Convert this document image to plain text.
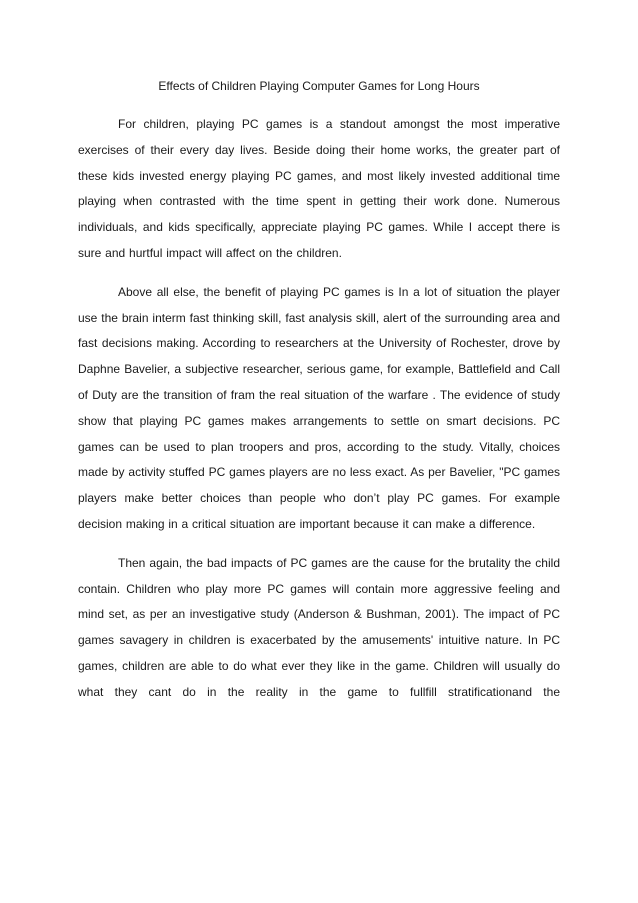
Effects of Children Playing Computer Games for Long Hours

For children, playing PC games is a standout amongst the most imperative exercises of their every day lives. Beside doing their home works, the greater part of these kids invested energy playing PC games, and most likely invested additional time playing when contrasted with the time spent in getting their work done. Numerous individuals, and kids specifically, appreciate playing PC games. While I accept there is sure and hurtful impact will affect on the children.

Above all else, the benefit of playing PC games is In a lot of situation the player use the brain interm fast thinking skill, fast analysis skill, alert of the surrounding area and fast decisions making. According to researchers at the University of Rochester, drove by Daphne Bavelier, a subjective researcher, serious game, for example, Battlefield and Call of Duty are the transition of fram the real situation of the warfare . The evidence of study show that playing PC games makes arrangements to settle on smart decisions. PC games can be used to plan troopers and pros, according to the study. Vitally, choices made by activity stuffed PC games players are no less exact. As per Bavelier, "PC games players make better choices than people who don’t play PC games. For example decision making in a critical situation are important because it can make a difference.

Then again, the bad impacts of PC games are the cause for the brutality the child contain. Children who play more PC games will contain more aggressive feeling and mind set, as per an investigative study (Anderson & Bushman, 2001). The impact of PC games savagery in children is exacerbated by the amusements' intuitive nature. In PC games, children are able to do what ever they like in the game. Children will usually do what they cant do in the reality in the game to fullfill stratificationand the
